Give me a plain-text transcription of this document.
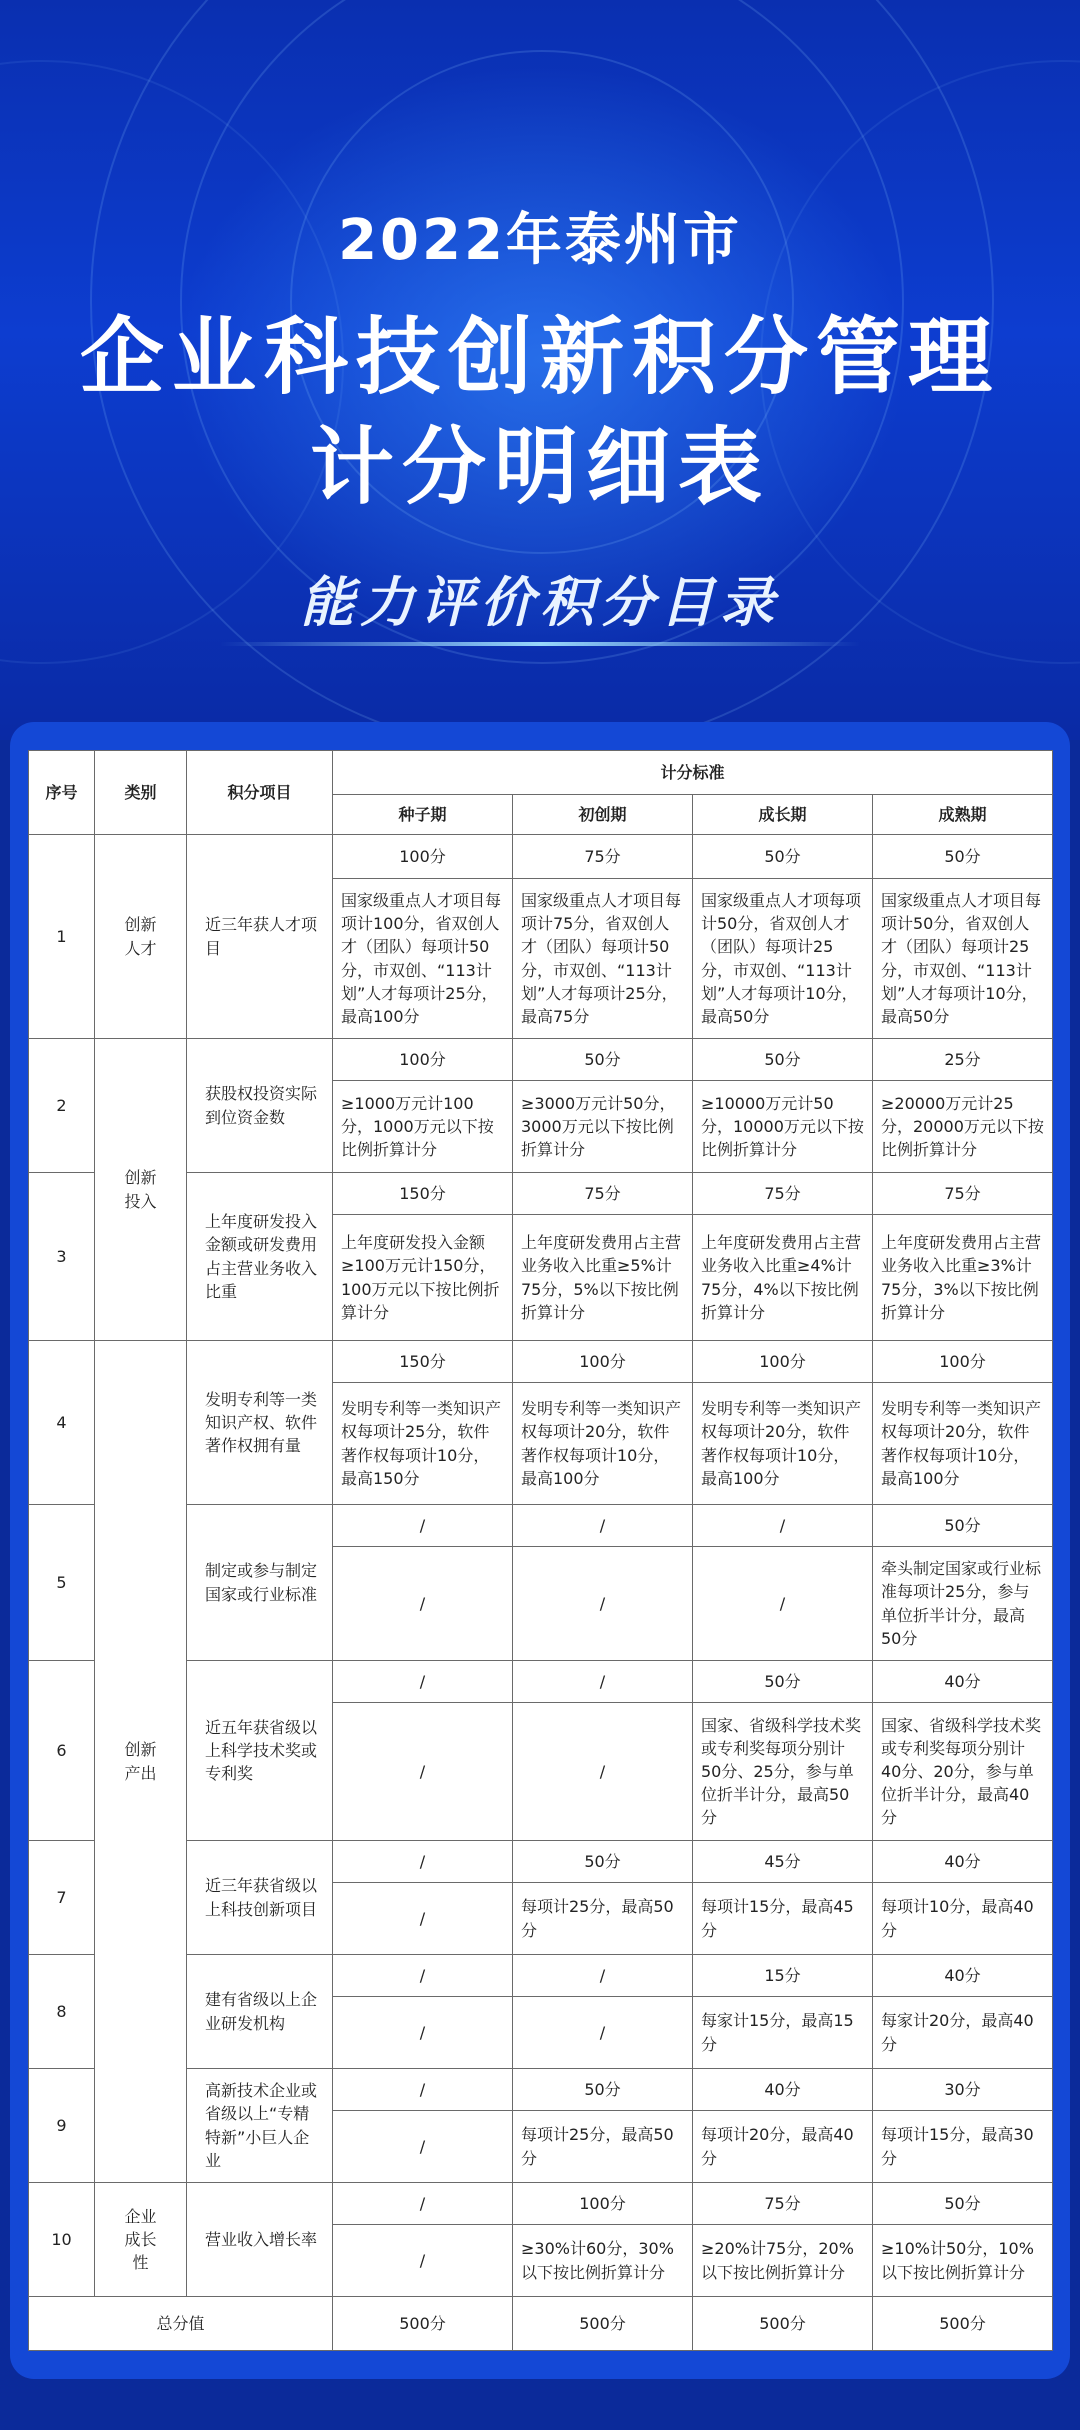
2022年泰州市
企业科技创新积分管理
计分明细表
能力评价积分目录
序号	类别	积分项目	计分标准			
			种子期	初创期	成长期	成熟期
1	创新人才	近三年获人才项目	100分	75分	50分	50分
			国家级重点人才项目每项计100分，省双创人才（团队）每项计50分，市双创、“113计划”人才每项计25分，最高100分	国家级重点人才项目每项计75分，省双创人才（团队）每项计50分，市双创、“113计划”人才每项计25分，最高75分	国家级重点人才项每项计50分，省双创人才（团队）每项计25分，市双创、“113计划”人才每项计10分，最高50分	国家级重点人才项目每项计50分，省双创人才（团队）每项计25分，市双创、“113计划”人才每项计10分，最高50分
2	创新投入	获股权投资实际到位资金数	100分	50分	50分	25分
			≥1000万元计100分，1000万元以下按比例折算计分	≥3000万元计50分，3000万元以下按比例折算计分	≥10000万元计50分，10000万元以下按比例折算计分	≥20000万元计25分，20000万元以下按比例折算计分
3		上年度研发投入金额或研发费用占主营业务收入比重	150分	75分	75分	75分
			上年度研发投入金额≥100万元计150分，100万元以下按比例折算计分	上年度研发费用占主营业务收入比重≥5%计75分，5%以下按比例折算计分	上年度研发费用占主营业务收入比重≥4%计75分，4%以下按比例折算计分	上年度研发费用占主营业务收入比重≥3%计75分，3%以下按比例折算计分
4	创新产出	发明专利等一类知识产权、软件著作权拥有量	150分	100分	100分	100分
			发明专利等一类知识产权每项计25分，软件著作权每项计10分，最高150分	发明专利等一类知识产权每项计20分，软件著作权每项计10分，最高100分	发明专利等一类知识产权每项计20分，软件著作权每项计10分，最高100分	发明专利等一类知识产权每项计20分，软件著作权每项计10分，最高100分
5		制定或参与制定国家或行业标准	/	/	/	50分
			/	/	/	牵头制定国家或行业标准每项计25分，参与单位折半计分，最高50分
6		近五年获省级以上科学技术奖或专利奖	/	/	50分	40分
			/	/	国家、省级科学技术奖或专利奖每项分别计50分、25分，参与单位折半计分，最高50分	国家、省级科学技术奖或专利奖每项分别计40分、20分，参与单位折半计分，最高40分
7		近三年获省级以上科技创新项目	/	50分	45分	40分
			/	每项计25分，最高50分	每项计15分，最高45分	每项计10分，最高40分
8		建有省级以上企业研发机构	/	/	15分	40分
			/	/	每家计15分，最高15分	每家计20分，最高40分
9		高新技术企业或省级以上“专精特新”小巨人企业	/	50分	40分	30分
			/	每项计25分，最高50分	每项计20分，最高40分	每项计15分，最高30分
10	企业成长性	营业收入增长率	/	100分	75分	50分
			/	≥30%计60分，30%以下按比例折算计分	≥20%计75分，20%以下按比例折算计分	≥10%计50分，10%以下按比例折算计分
总分值			500分	500分	500分	500分
